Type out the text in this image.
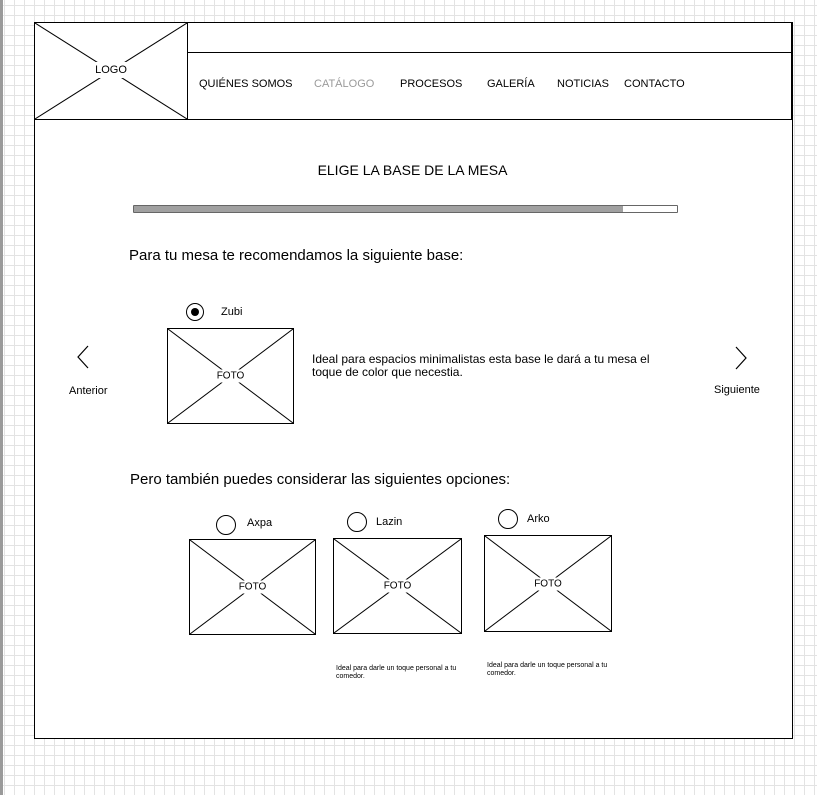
LOGO
QUIÉNES SOMOS CATÁLOGO PROCESOS GALERÍA NOTICIAS CONTACTO
ELIGE LA BASE DE LA MESA
Para tu mesa te recomendamos la siguiente base:
Zubi
FOTO
Ideal para espacios minimalistas esta base le dará a tu mesa el toque de color que necestia.
Anterior	Siguiente
Pero también puedes considerar las siguientes opciones:
Axpa
FOTO
Lazin
FOTO
Ideal para darle un toque personal a tu comedor.
Arko
FOTO
Ideal para darle un toque personal a tu comedor.
